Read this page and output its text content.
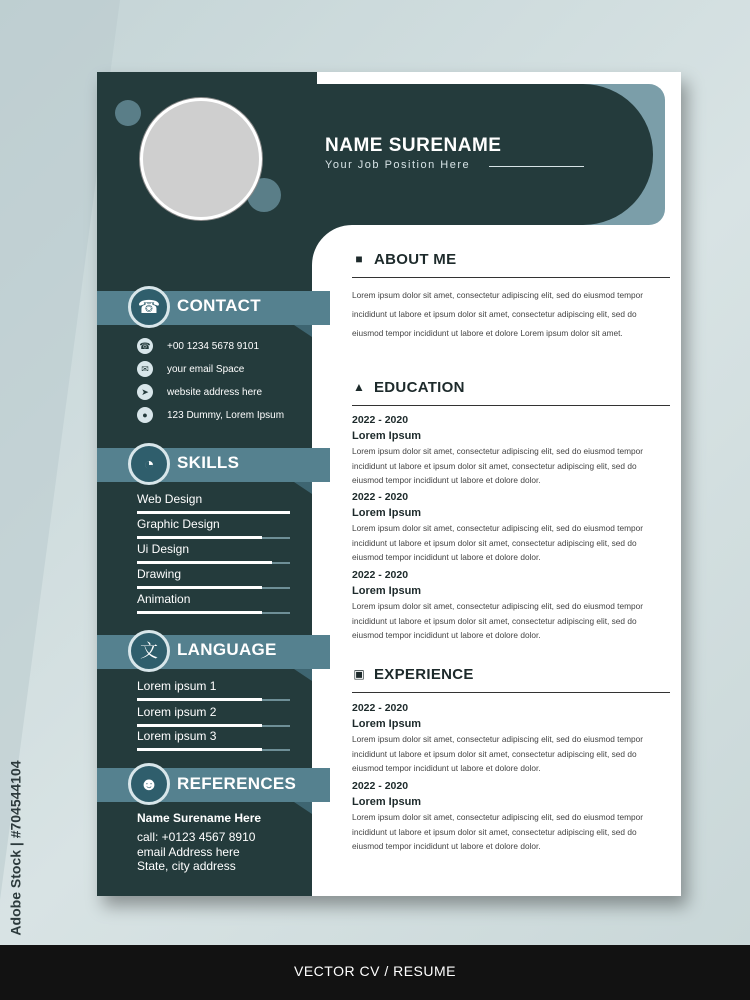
NAME SURENAME
Your Job Position Here
☎ CONTACT
☎ +00 1234 5678 9101
✉ your email Space
➤ website address here
● 123 Dummy, Lorem Ipsum
◔	SKILLS
Web Design
Graphic Design
Ui Design
Drawing
Animation
文	LANGUAGE
Lorem ipsum 1
Lorem ipsum 2
Lorem ipsum 3
☻	REFERENCES
Name Surename Here
call: +0123 4567 8910
email Address here
State, city address
■ ABOUT ME
Lorem ipsum dolor sit amet, consectetur adipiscing elit, sed do eiusmod tempor incididunt ut labore et ipsum dolor sit amet, consectetur adipiscing elit, sed do eiusmod tempor incididunt ut labore et dolore Lorem ipsum dolor sit amet.
▲ EDUCATION
2022 - 2020
Lorem Ipsum
Lorem ipsum dolor sit amet, consectetur adipiscing elit, sed do eiusmod tempor incididunt ut labore et ipsum dolor sit amet, consectetur adipiscing elit, sed do eiusmod tempor incididunt ut labore et dolore dolor.
2022 - 2020
Lorem Ipsum
Lorem ipsum dolor sit amet, consectetur adipiscing elit, sed do eiusmod tempor incididunt ut labore et ipsum dolor sit amet, consectetur adipiscing elit, sed do eiusmod tempor incididunt ut labore et dolore dolor.
2022 - 2020
Lorem Ipsum
Lorem ipsum dolor sit amet, consectetur adipiscing elit, sed do eiusmod tempor incididunt ut labore et ipsum dolor sit amet, consectetur adipiscing elit, sed do eiusmod tempor incididunt ut labore et dolore dolor.
▣ EXPERIENCE
2022 - 2020
Lorem Ipsum
Lorem ipsum dolor sit amet, consectetur adipiscing elit, sed do eiusmod tempor incididunt ut labore et ipsum dolor sit amet, consectetur adipiscing elit, sed do eiusmod tempor incididunt ut labore et dolore dolor.
2022 - 2020
Lorem Ipsum
Lorem ipsum dolor sit amet, consectetur adipiscing elit, sed do eiusmod tempor incididunt ut labore et ipsum dolor sit amet, consectetur adipiscing elit, sed do eiusmod tempor incididunt ut labore et dolore dolor.
Adobe Stock | #704544104
VECTOR CV / RESUME
